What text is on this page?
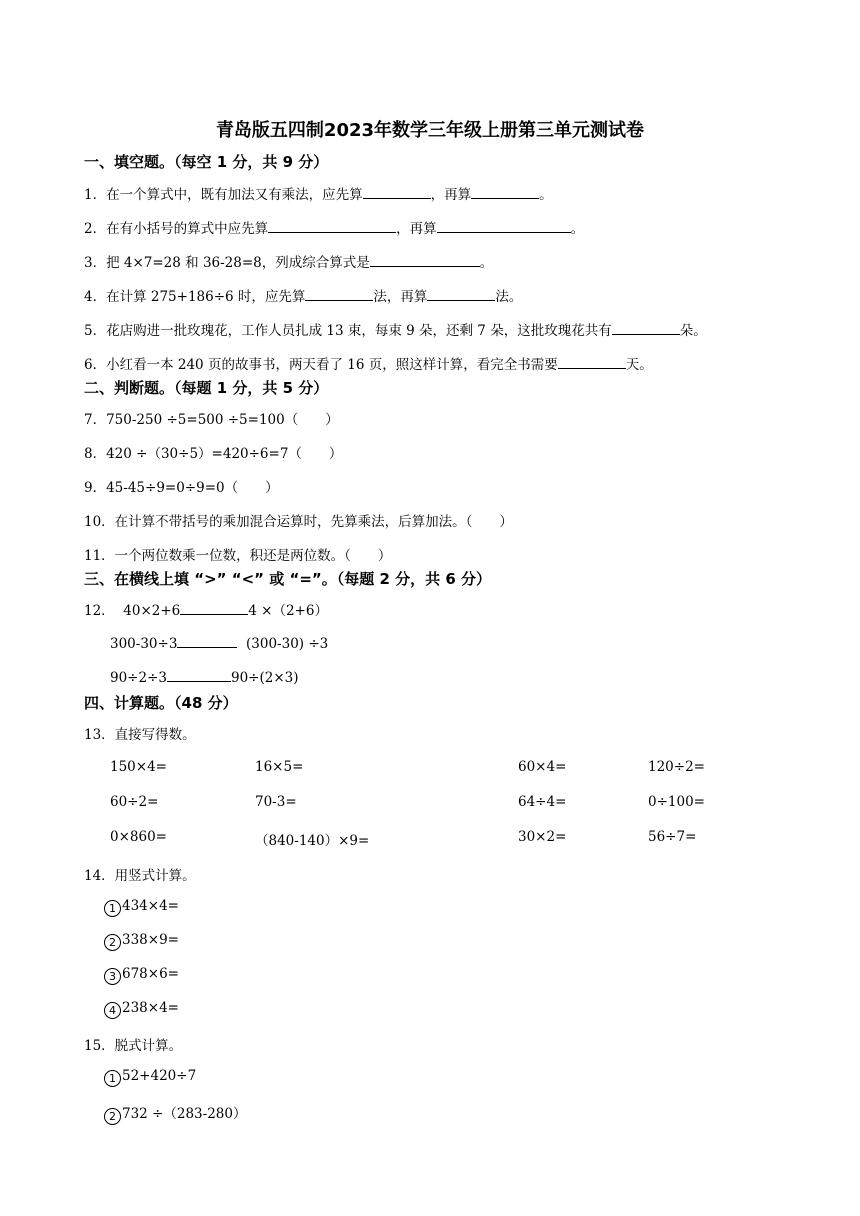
青岛版五四制2023年数学三年级上册第三单元测试卷
一、填空题。（每空 1 分，共 9 分）
1．在一个算式中，既有加法又有乘法，应先算	，再算	。
2．在有小括号的算式中应先算	，再算	。
3．把 4×7=28 和 36-28=8，列成综合算式是	。
4．在计算 275+186÷6 时，应先算	法，再算	法。
5．花店购进一批玫瑰花，工作人员扎成 13 束，每束 9 朵，还剩 7 朵，这批玫瑰花共有	朵。
6．小红看一本 240 页的故事书，两天看了 16 页，照这样计算，看完全书需要	天。
二、判断题。（每题 1 分，共 5 分）
7．750-250 ÷5=500 ÷5=100（　　）
8．420 ÷（30÷5）=420÷6=7（　　）
9．45-45÷9=0÷9=0（　　）
10．在计算不带括号的乘加混合运算时，先算乘法，后算加法。（　　）
11．一个两位数乘一位数，积还是两位数。（　　）
三、在横线上填 “>” “<” 或 “=”。（每题 2 分，共 6 分）
12． 40×2+6	4 ×（2+6）
300-30÷3	(300-30) ÷3
90÷2÷3	90÷(2×3)
四、计算题。（48 分）
13．直接写得数。
150×4=	16×5=	60×4=	120÷2=
60÷2=	70-3=	64÷4=	0÷100=
0×860=	（840-140）×9=	30×2=	56÷7=
14．用竖式计算。
1 434×4=
2 338×9=
3 678×6=
4 238×4=
15．脱式计算。
1 52+420÷7
2 732 ÷（283-280）
